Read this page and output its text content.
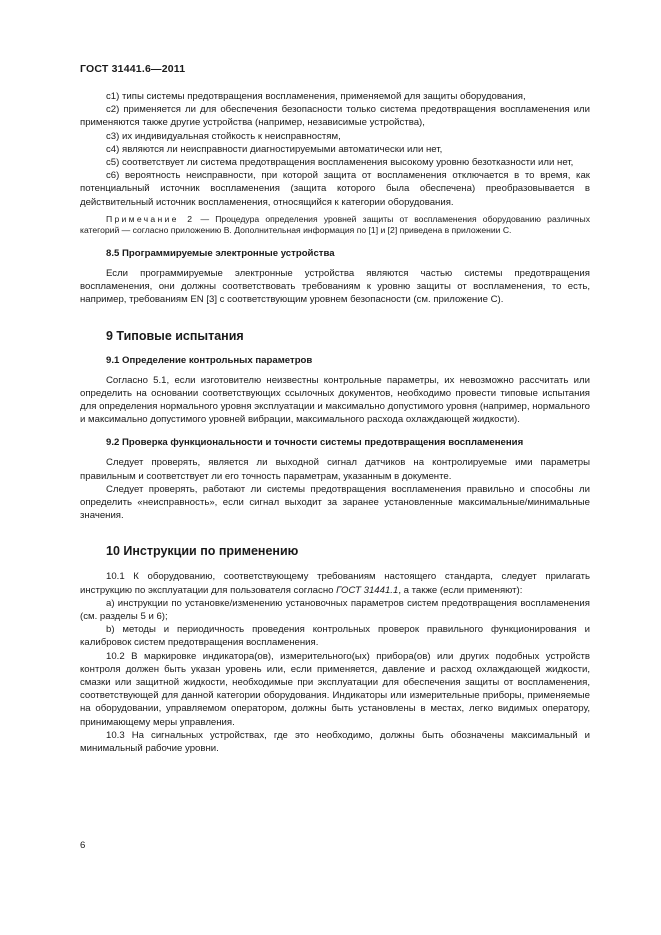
ГОСТ 31441.6—2011

с1) типы системы предотвращения воспламенения, применяемой для защиты оборудования,

с2) применяется ли для обеспечения безопасности только система предотвращения воспламенения или применяются также другие устройства (например, независимые устройства),

с3) их индивидуальная стойкость к неисправностям,

с4) являются ли неисправности диагностируемыми автоматически или нет,

с5) соответствует ли система предотвращения воспламенения высокому уровню безотказности или нет,

с6) вероятность неисправности, при которой защита от воспламенения отключается в то время, как потенциальный источник воспламенения (защита которого была обеспечена) преобразовывается в действительный источник воспламенения, относящийся к категории оборудования.

Примечание 2 — Процедура определения уровней защиты от воспламенения оборудованию различных категорий — согласно приложению В. Дополнительная информация по [1] и [2] приведена в приложении С.

8.5 Программируемые электронные устройства

Если программируемые электронные устройства являются частью системы предотвращения воспламенения, они должны соответствовать требованиям к уровню защиты от воспламенения, то есть, например, требованиям EN [3] с соответствующим уровнем безопасности (см. приложение С).

9 Типовые испытания
9.1 Определение контрольных параметров

Согласно 5.1, если изготовителю неизвестны контрольные параметры, их невозможно рассчитать или определить на основании соответствующих ссылочных документов, необходимо провести типовые испытания для определения нормального уровня эксплуатации и максимально допустимого уровня (например, нормального и максимально допустимого уровней вибрации, максимального расхода охлаждающей жидкости).

9.2 Проверка функциональности и точности системы предотвращения воспламенения

Следует проверять, является ли выходной сигнал датчиков на контролируемые ими параметры правильным и соответствует ли его точность параметрам, указанным в документе.

Следует проверять, работают ли системы предотвращения воспламенения правильно и способны ли определить «неисправность», если сигнал выходит за заранее установленные максимальные/минимальные значения.

10 Инструкции по применению

10.1 К оборудованию, соответствующему требованиям настоящего стандарта, следует прилагать инструкцию по эксплуатации для пользователя согласно ГОСТ 31441.1, а также (если применяют):

a) инструкции по установке/изменению установочных параметров систем предотвращения воспламенения (см. разделы 5 и 6);

b) методы и периодичность проведения контрольных проверок правильного функционирования и калибровок систем предотвращения воспламенения.

10.2 В маркировке индикатора(ов), измерительного(ых) прибора(ов) или других подобных устройств контроля должен быть указан уровень или, если применяется, давление и расход охлаждающей жидкости, смазки или защитной жидкости, необходимые при эксплуатации для обеспечения защиты от воспламенения, соответствующей для данной категории оборудования. Индикаторы или измерительные приборы, применяемые на оборудовании, управляемом оператором, должны быть установлены в местах, легко видимых оператору, принимающему меры управления.

10.3 На сигнальных устройствах, где это необходимо, должны быть обозначены максимальный и минимальный рабочие уровни.

6
